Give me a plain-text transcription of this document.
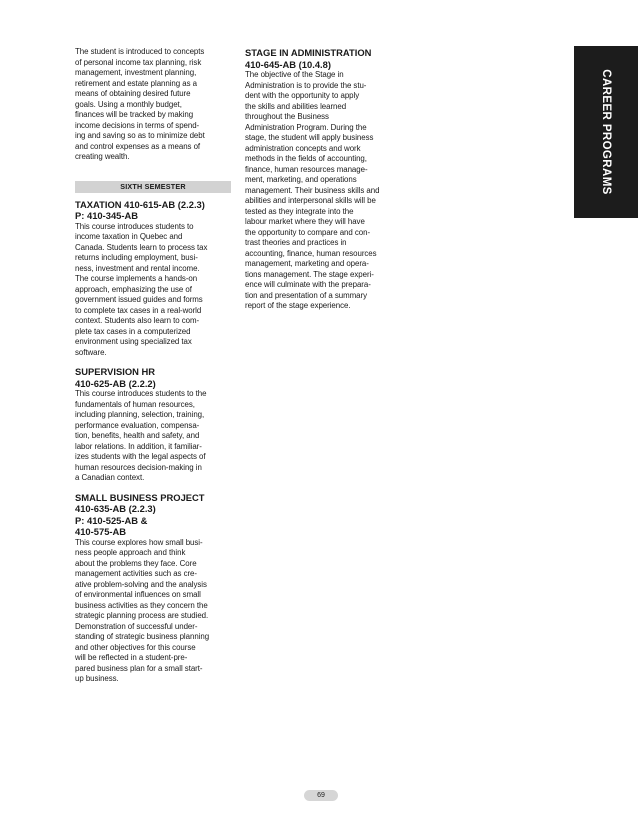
The student is introduced to concepts
of personal income tax planning, risk
management, investment planning,
retirement and estate planning as a
means of obtaining desired future
goals. Using a monthly budget,
finances will be tracked by making
income decisions in terms of spend-
ing and saving so as to minimize debt
and control expenses as a means of
creating wealth.

SIXTH SEMESTER

TAXATION 410-615-AB (2.2.3)
P: 410-345-AB

This course introduces students to
income taxation in Quebec and
Canada. Students learn to process tax
returns including employment, busi-
ness, investment and rental income.
The course implements a hands-on
approach, emphasizing the use of
government issued guides and forms
to complete tax cases in a real-world
context. Students also learn to com-
plete tax cases in a computerized
environment using specialized tax
software.

SUPERVISION HR
410-625-AB (2.2.2)

This course introduces students to the
fundamentals of human resources,
including planning, selection, training,
performance evaluation, compensa-
tion, benefits, health and safety, and
labor relations. In addition, it familiar-
izes students with the legal aspects of
human resources decision-making in
a Canadian context.

SMALL BUSINESS PROJECT
410-635-AB (2.2.3)
P: 410-525-AB &
410-575-AB

This course explores how small busi-
ness people approach and think
about the problems they face. Core
management activities such as cre-
ative problem-solving and the analysis
of environmental influences on small
business activities as they concern the
strategic planning process are studied.
Demonstration of successful under-
standing of strategic business planning
and other objectives for this course
will be reflected in a student-pre-
pared business plan for a small start-
up business.

STAGE IN ADMINISTRATION
410-645-AB (10.4.8)

The objective of the Stage in
Administration is to provide the stu-
dent with the opportunity to apply
the skills and abilities learned
throughout the Business
Administration Program. During the
stage, the student will apply business
administration concepts and work
methods in the fields of accounting,
finance, human resources manage-
ment, marketing, and operations
management. Their business skills and
abilities and interpersonal skills will be
tested as they integrate into the
labour market where they will have
the opportunity to compare and con-
trast theories and practices in
accounting, finance, human resources
management, marketing and opera-
tions management. The stage experi-
ence will culminate with the prepara-
tion and presentation of a summary
report of the stage experience.

CAREER PROGRAMS
69
